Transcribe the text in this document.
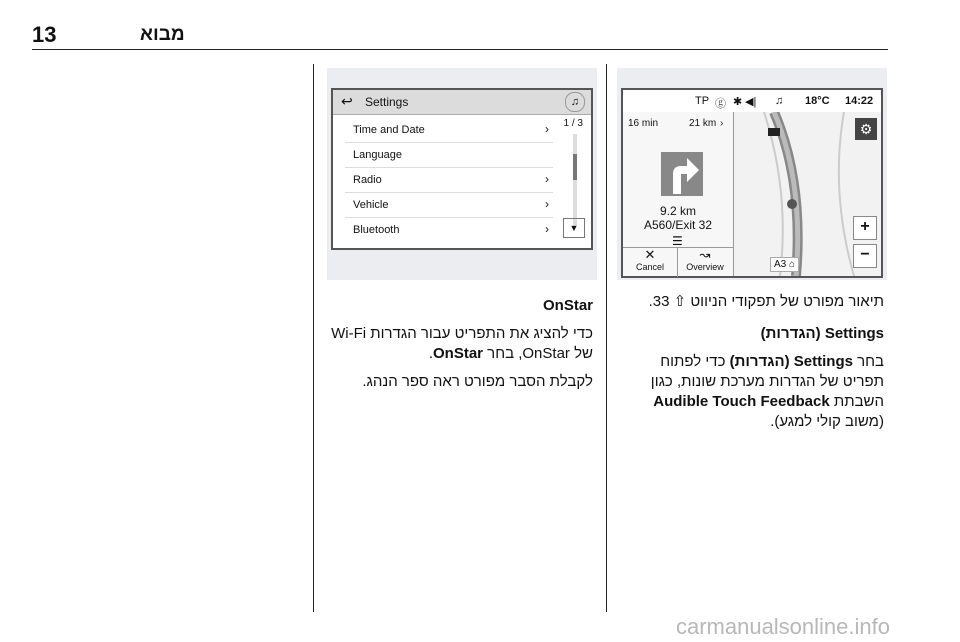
13	מבוא
TP ⓖ ✱ ◀| ♫ 18°C 14:22
16 min	21 km ›
9.2 km
A560/Exit 32
☰
✕
Cancel
↝
Overview
⚙
+
−
A3 ⌂
↩ Settings	♫
Time and Date	›
Language
Radio	›
Vehicle	›
Bluetooth	›
1 / 3
▼
תיאור מפורט של תפקודי הניווט ⇧ 33.

Settings (הגדרות)

בחר Settings (הגדרות) כדי לפתוח תפריט של הגדרות מערכת שונות, כגון השבתת Audible Touch Feedback (משוב קולי למגע).

OnStar

כדי להציג את התפריט עבור הגדרות Wi-Fi של OnStar, בחר OnStar.

לקבלת הסבר מפורט ראה ספר הנהג.

carmanualsonline.info
